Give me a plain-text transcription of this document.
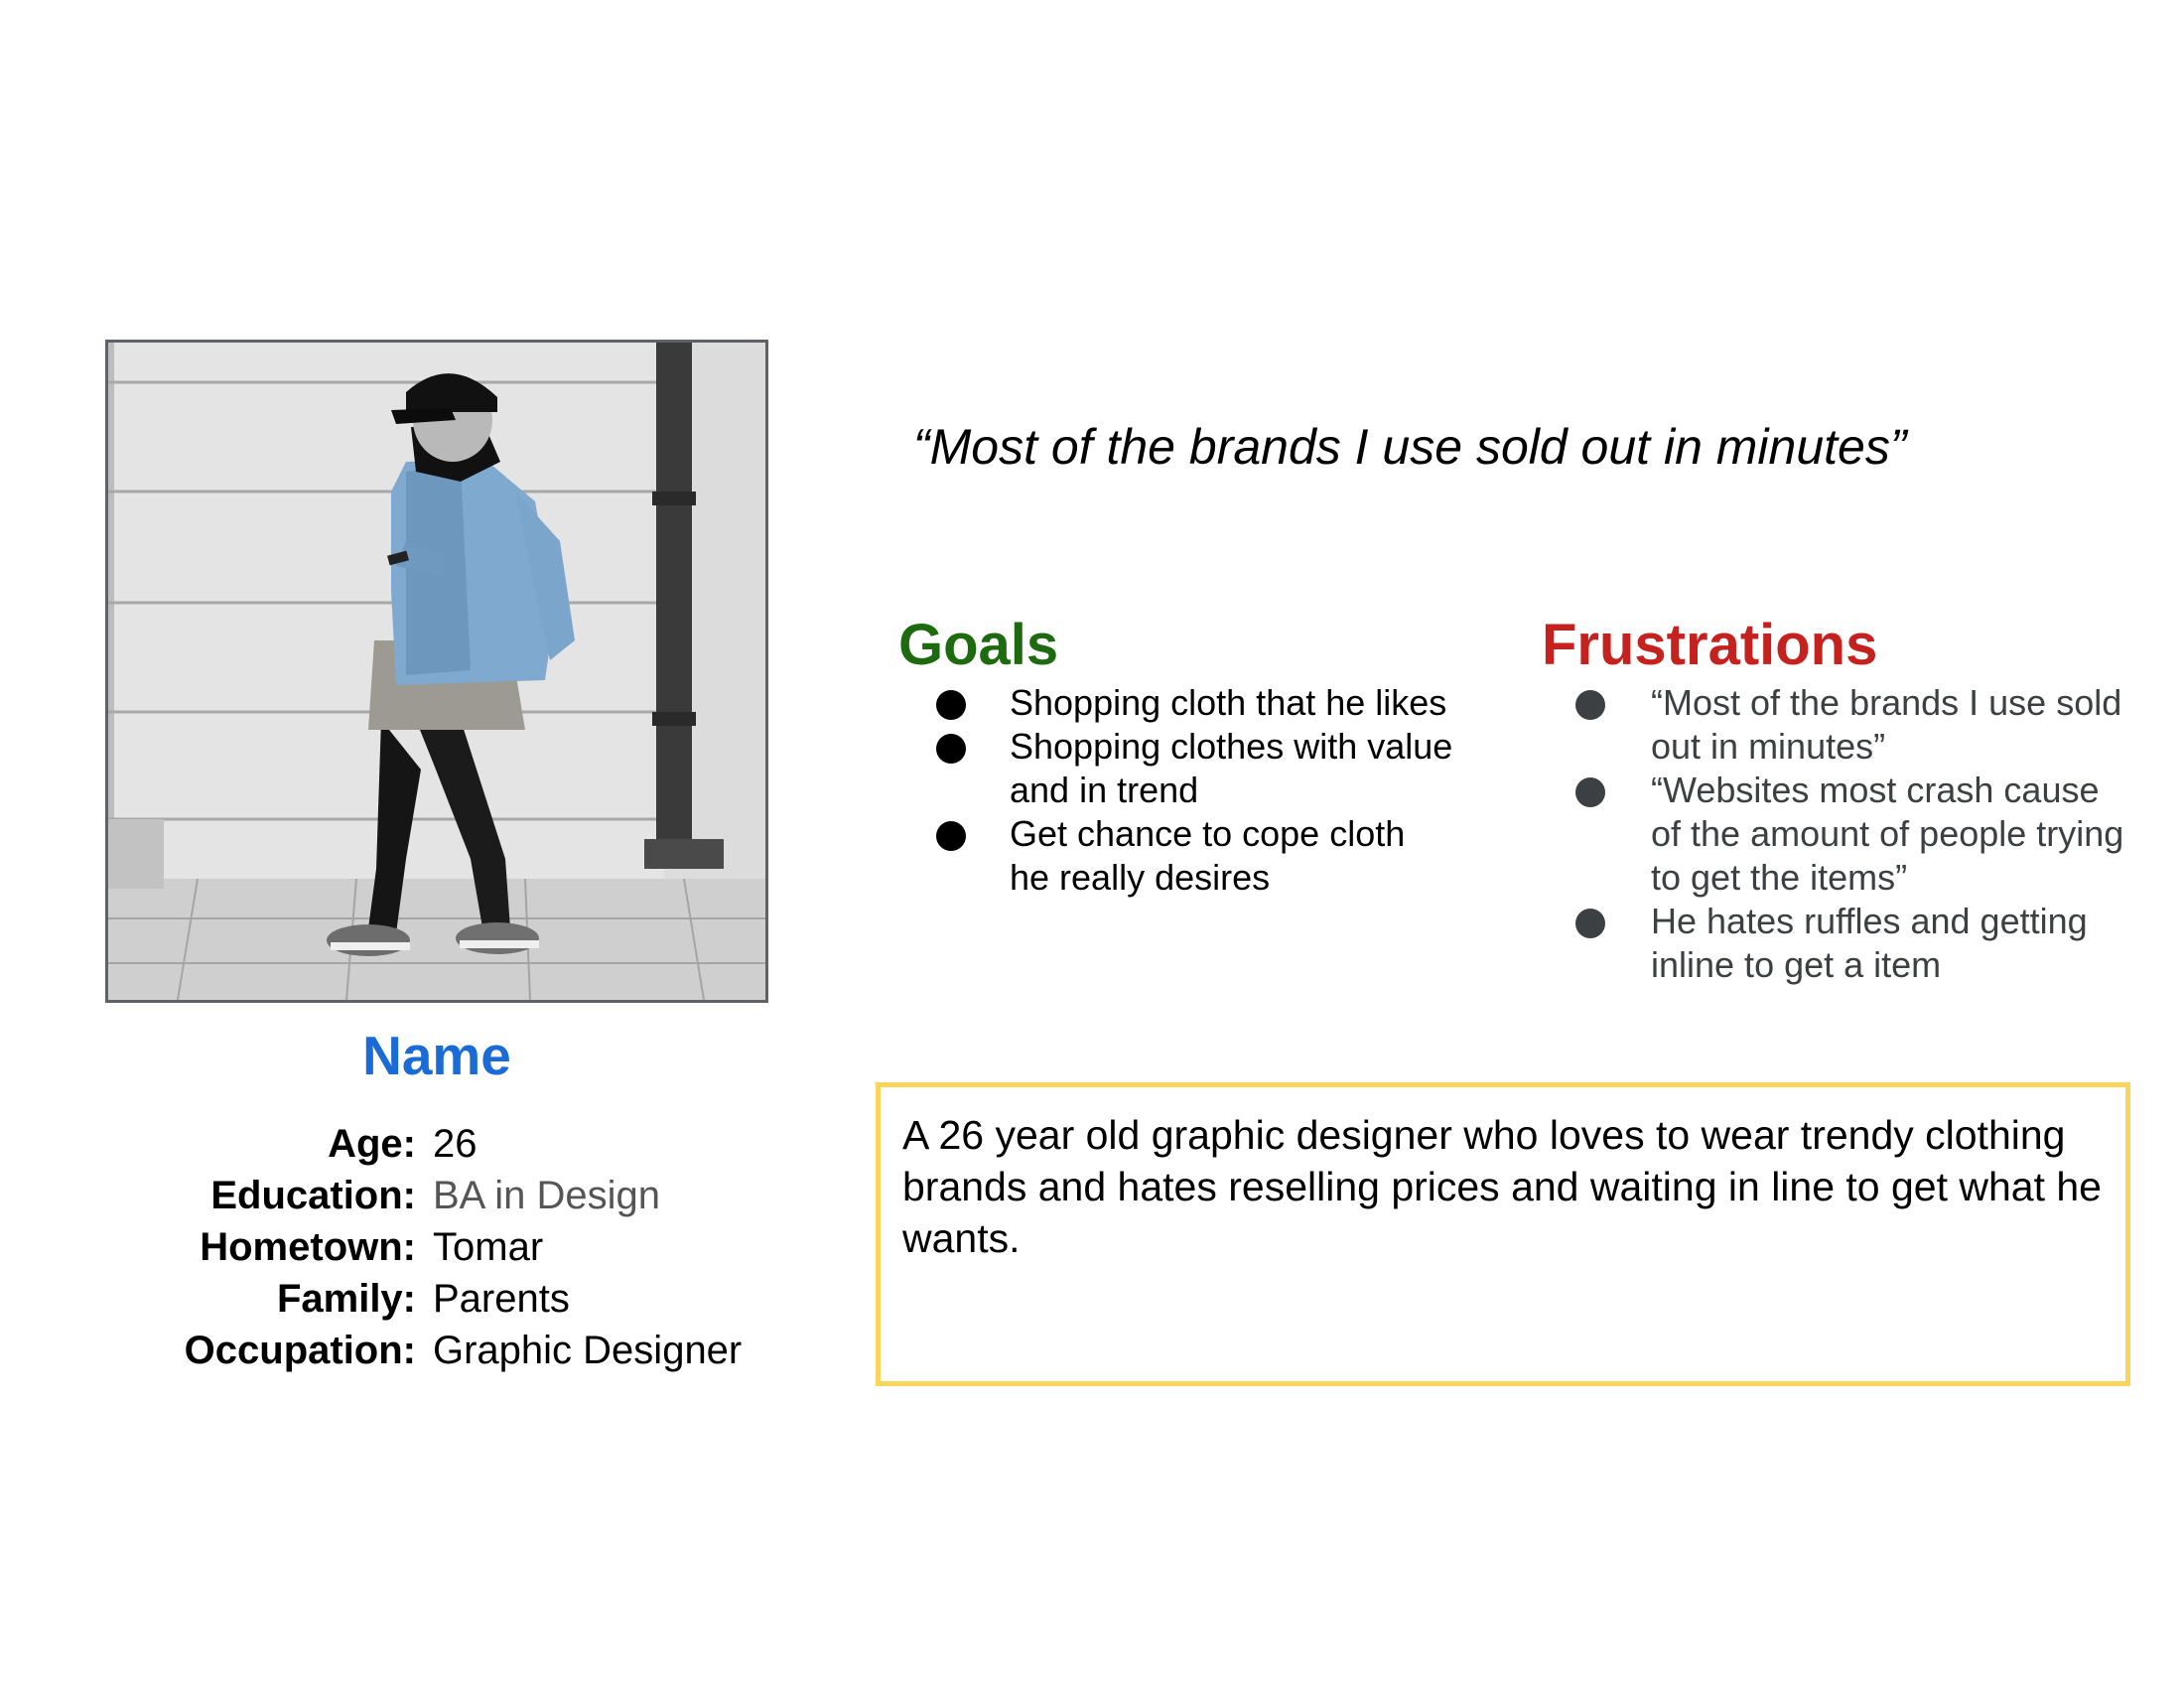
Name
Age: 26
Education: BA in Design
Hometown: Tomar
Family: Parents
Occupation: Graphic Designer
“Most of the brands I use sold out in minutes”
Goals
Shopping cloth that he likes
Shopping clothes with value and in trend
Get chance to cope cloth he really desires
Frustrations
“Most of the brands I use sold out in minutes”
“Websites most crash cause of the amount of people trying to get the items”
He hates ruffles and getting inline to get a item
A 26 year old graphic designer who loves to wear trendy clothing brands and hates reselling prices and waiting in line to get what he wants.
